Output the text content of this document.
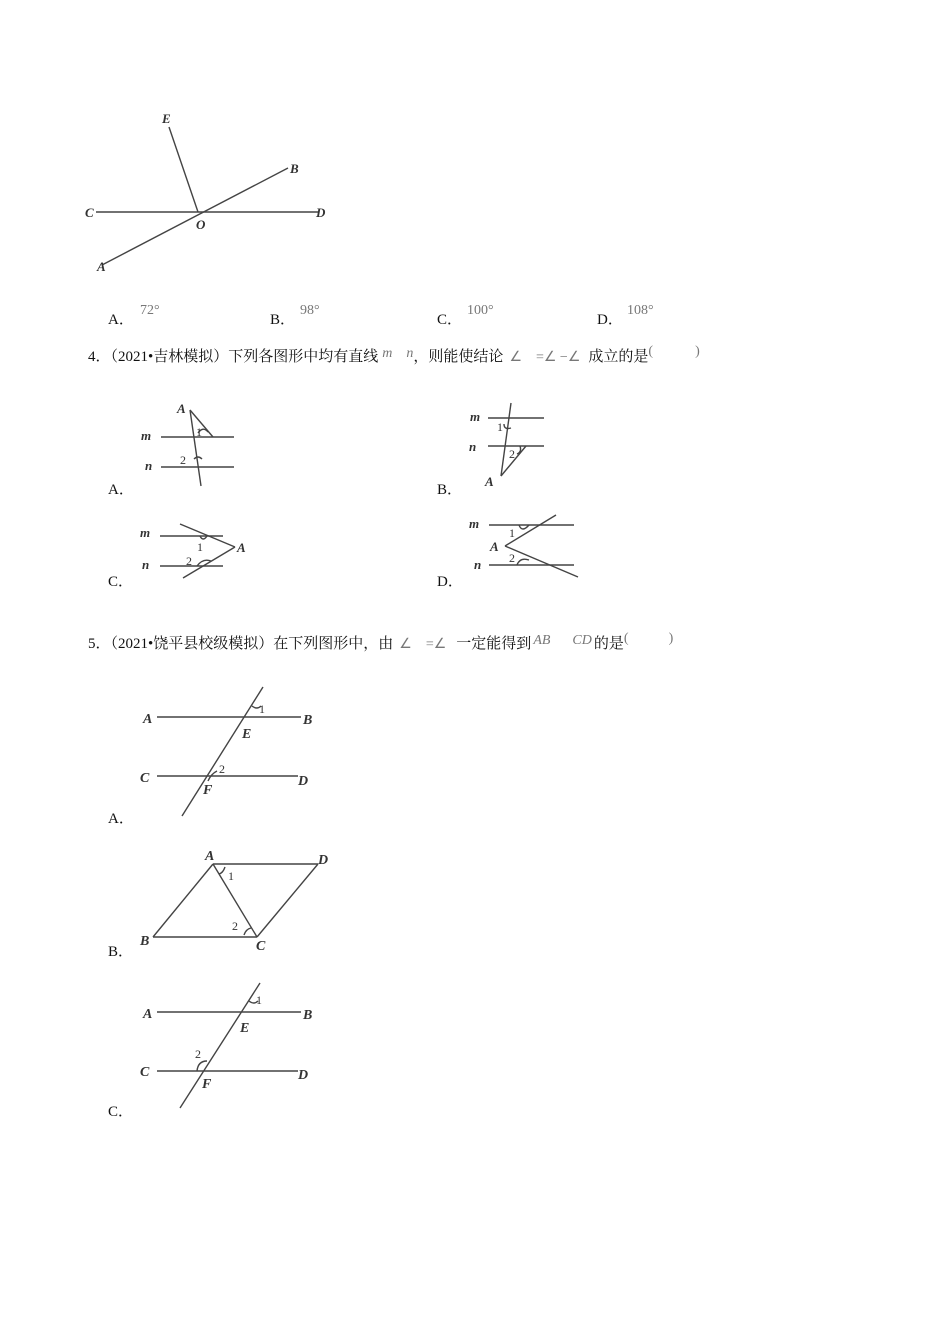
E
B
C
O
D
A
A．
72°
B．
98°
C．
100°
D．
108°
4．（2021•吉林模拟）下列各图形中均有直线 m n，则能使结论 ∠　=∠ −∠ 成立的是(	)
A
m
n
1
2
A．
m
n
A
1
2
B．
m
n
A
1
2
C．
m
A
n
1
2
D．
5．（2021•饶平县校级模拟）在下列图形中，由 ∠　=∠ 一定能得到 AB CD 的是(	)
A	B
E
C	D
F
1
2
A．
A	D
B	C
1
2
B．
A	B
E
C	D
F
1
2
C．
